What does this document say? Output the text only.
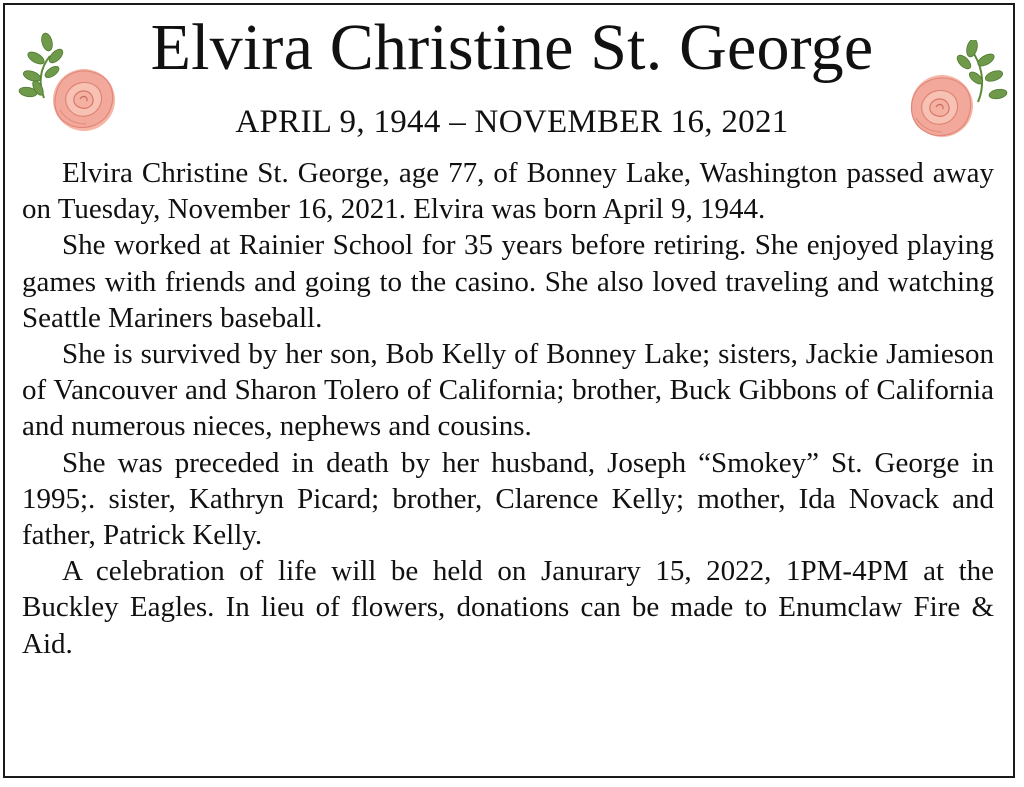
Elvira Christine St. George
APRIL 9, 1944 – NOVEMBER 16, 2021

Elvira Christine St. George, age 77, of Bonney Lake, Washington passed away on Tuesday, November 16, 2021. Elvira was born April 9, 1944.

She worked at Rainier School for 35 years before retiring. She enjoyed playing games with friends and going to the casino. She also loved traveling and watching Seattle Mariners baseball.

She is survived by her son, Bob Kelly of Bonney Lake; sisters, Jackie Jamieson of Vancouver and Sharon Tolero of California; brother, Buck Gibbons of California and numerous nieces, nephews and cousins.

She was preceded in death by her husband, Joseph “Smokey” St. George in 1995;. sister, Kathryn Picard; brother, Clarence Kelly; mother, Ida Novack and father, Patrick Kelly.

A celebration of life will be held on Janurary 15, 2022, 1PM-4PM at the Buckley Eagles. In lieu of flowers, donations can be made to Enumclaw Fire & Aid.
